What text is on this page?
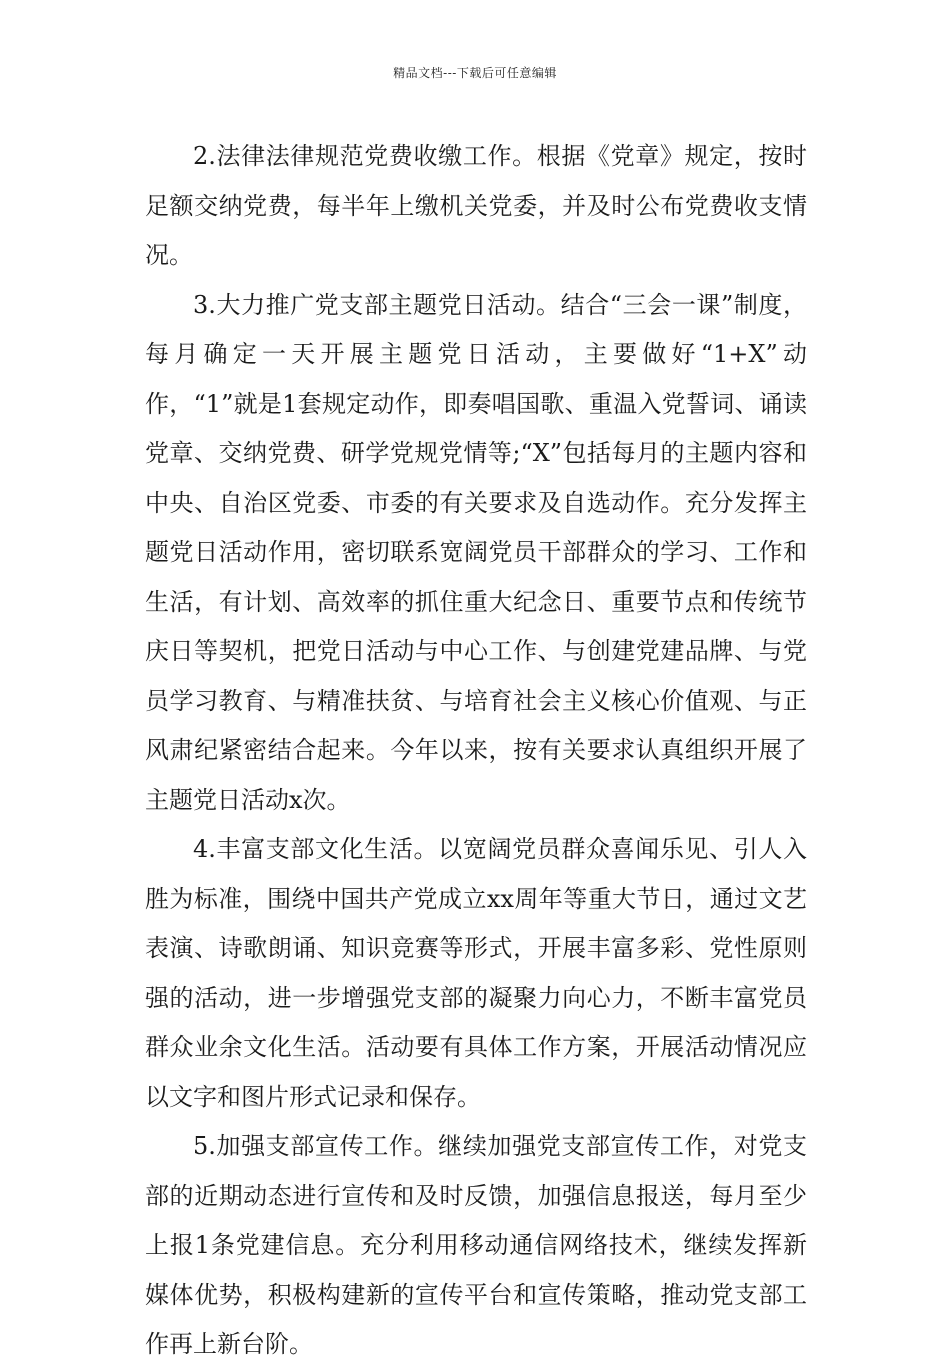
精品文档---下载后可任意编辑

2.法律法律规范党费收缴工作。根据《党章》规定，按时足额交纳党费，每半年上缴机关党委，并及时公布党费收支情况。

3.大力推广党支部主题党日活动。结合“三会一课”制度，每月确定一天开展主题党日活动，主要做好“1+X”动作，“1”就是1套规定动作，即奏唱国歌、重温入党誓词、诵读党章、交纳党费、研学党规党情等;“X”包括每月的主题内容和中央、自治区党委、市委的有关要求及自选动作。充分发挥主题党日活动作用，密切联系宽阔党员干部群众的学习、工作和生活，有计划、高效率的抓住重大纪念日、重要节点和传统节庆日等契机，把党日活动与中心工作、与创建党建品牌、与党员学习教育、与精准扶贫、与培育社会主义核心价值观、与正风肃纪紧密结合起来。今年以来，按有关要求认真组织开展了主题党日活动x次。

4.丰富支部文化生活。以宽阔党员群众喜闻乐见、引人入胜为标准，围绕中国共产党成立xx周年等重大节日，通过文艺表演、诗歌朗诵、知识竞赛等形式，开展丰富多彩、党性原则强的活动，进一步增强党支部的凝聚力向心力，不断丰富党员群众业余文化生活。活动要有具体工作方案，开展活动情况应以文字和图片形式记录和保存。

5.加强支部宣传工作。继续加强党支部宣传工作，对党支部的近期动态进行宣传和及时反馈，加强信息报送，每月至少上报1条党建信息。充分利用移动通信网络技术，继续发挥新媒体优势，积极构建新的宣传平台和宣传策略，推动党支部工作再上新台阶。
